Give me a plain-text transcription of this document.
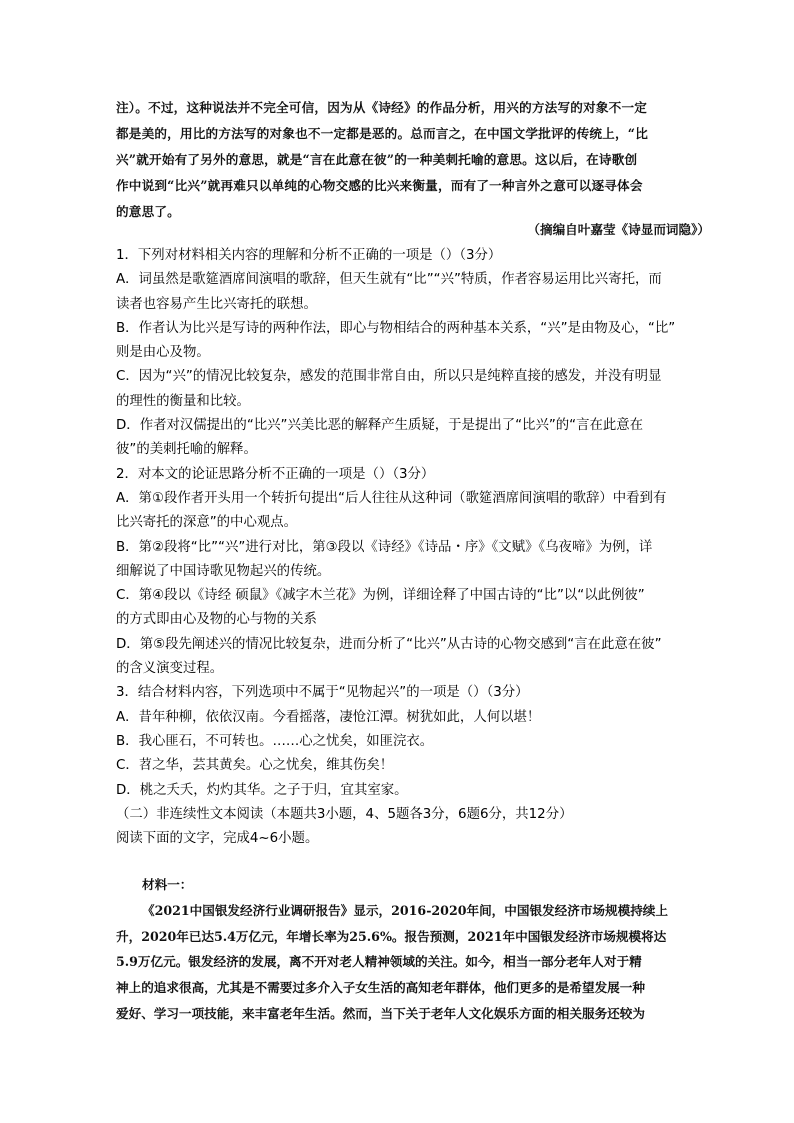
注）。不过，这种说法并不完全可信，因为从《诗经》的作品分析，用兴的方法写的对象不一定

都是美的，用比的方法写的对象也不一定都是恶的。总而言之，在中国文学批评的传统上，“比

兴”就开始有了另外的意思，就是“言在此意在彼”的一种美刺托喻的意思。这以后，在诗歌创

作中说到“比兴”就再难只以单纯的心物交感的比兴来衡量，而有了一种言外之意可以逐寻体会

的意思了。

（摘编自叶嘉莹《诗显而词隐》）

1．下列对材料相关内容的理解和分析不正确的一项是（）（3分）

A．词虽然是歌筵酒席间演唱的歌辞，但天生就有“比”“兴”特质，作者容易运用比兴寄托，而

读者也容易产生比兴寄托的联想。

B．作者认为比兴是写诗的两种作法，即心与物相结合的两种基本关系，“兴”是由物及心，“比”

则是由心及物。

C．因为“兴”的情况比较复杂，感发的范围非常自由，所以只是纯粹直接的感发，并没有明显

的理性的衡量和比较。

D．作者对汉儒提出的“比兴”兴美比恶的解释产生质疑，于是提出了“比兴”的“言在此意在

彼”的美刺托喻的解释。

2．对本文的论证思路分析不正确的一项是（）（3分）

A．第①段作者开头用一个转折句提出“后人往往从这种词（歌筵酒席间演唱的歌辞）中看到有

比兴寄托的深意”的中心观点。

B．第②段将“比”“兴”进行对比，第③段以《诗经》《诗品・序》《文赋》《乌夜啼》为例，详

细解说了中国诗歌见物起兴的传统。

C．第④段以《诗经 硕鼠》《减字木兰花》为例，详细诠释了中国古诗的“比”以“以此例彼”

的方式即由心及物的心与物的关系

D．第⑤段先阐述兴的情况比较复杂，进而分析了“比兴”从古诗的心物交感到“言在此意在彼”

的含义演变过程。

3．结合材料内容，下列选项中不属于“见物起兴”的一项是（）（3分）

A．昔年种柳，依依汉南。今看摇落，凄怆江潭。树犹如此，人何以堪！

B．我心匪石，不可转也。……心之忧矣，如匪浣衣。

C．苕之华，芸其黄矣。心之忧矣，维其伤矣！

D．桃之夭夭，灼灼其华。之子于归，宜其室家。

（二）非连续性文本阅读（本题共3小题，4、5题各3分，6题6分，共12分）

阅读下面的文字，完成4~6小题。

材料一：

《2021中国银发经济行业调研报告》显示，2016-2020年间，中国银发经济市场规模持续上

升，2020年已达5.4万亿元，年增长率为25.6%。报告预测，2021年中国银发经济市场规模将达

5.9万亿元。银发经济的发展，离不开对老人精神领域的关注。如今，相当一部分老年人对于精

神上的追求很高，尤其是不需要过多介入子女生活的高知老年群体，他们更多的是希望发展一种

爱好、学习一项技能，来丰富老年生活。然而，当下关于老年人文化娱乐方面的相关服务还较为
